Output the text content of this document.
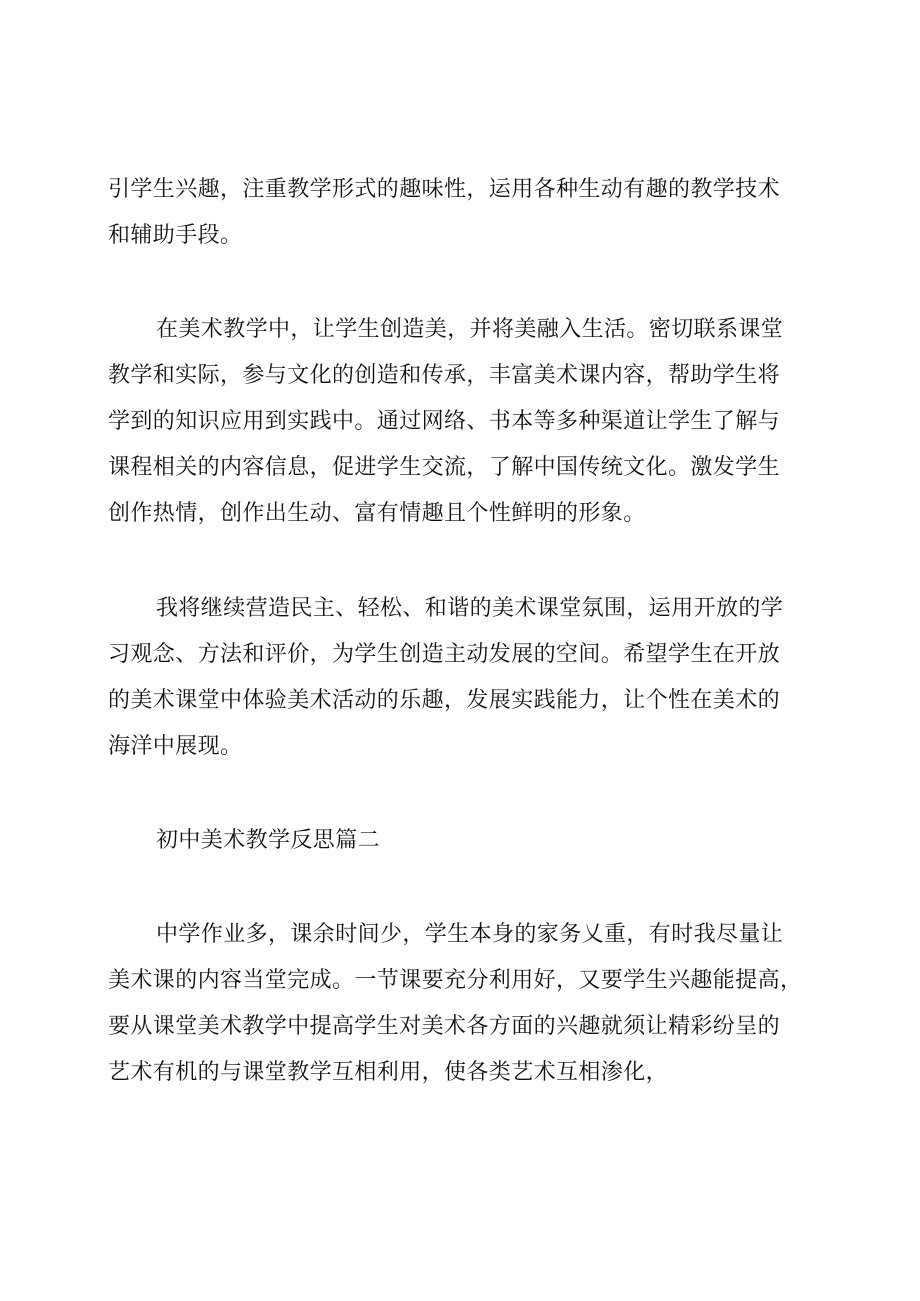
引学生兴趣，注重教学形式的趣味性，运用各种生动有趣的教学技术
和辅助手段。
在美术教学中，让学生创造美，并将美融入生活。密切联系课堂
教学和实际，参与文化的创造和传承，丰富美术课内容，帮助学生将
学到的知识应用到实践中。通过网络、书本等多种渠道让学生了解与
课程相关的内容信息，促进学生交流，了解中国传统文化。激发学生
创作热情，创作出生动、富有情趣且个性鲜明的形象。
我将继续营造民主、轻松、和谐的美术课堂氛围，运用开放的学
习观念、方法和评价，为学生创造主动发展的空间。希望学生在开放
的美术课堂中体验美术活动的乐趣，发展实践能力，让个性在美术的
海洋中展现。
初中美术教学反思篇二
中学作业多，课余时间少，学生本身的家务乂重，有时我尽量让
美术课的内容当堂完成。一节课要充分利用好，又要学生兴趣能提高，
要从课堂美术教学中提高学生对美术各方面的兴趣就须让精彩纷呈的
艺术有机的与课堂教学互相利用，使各类艺术互相渗化，
